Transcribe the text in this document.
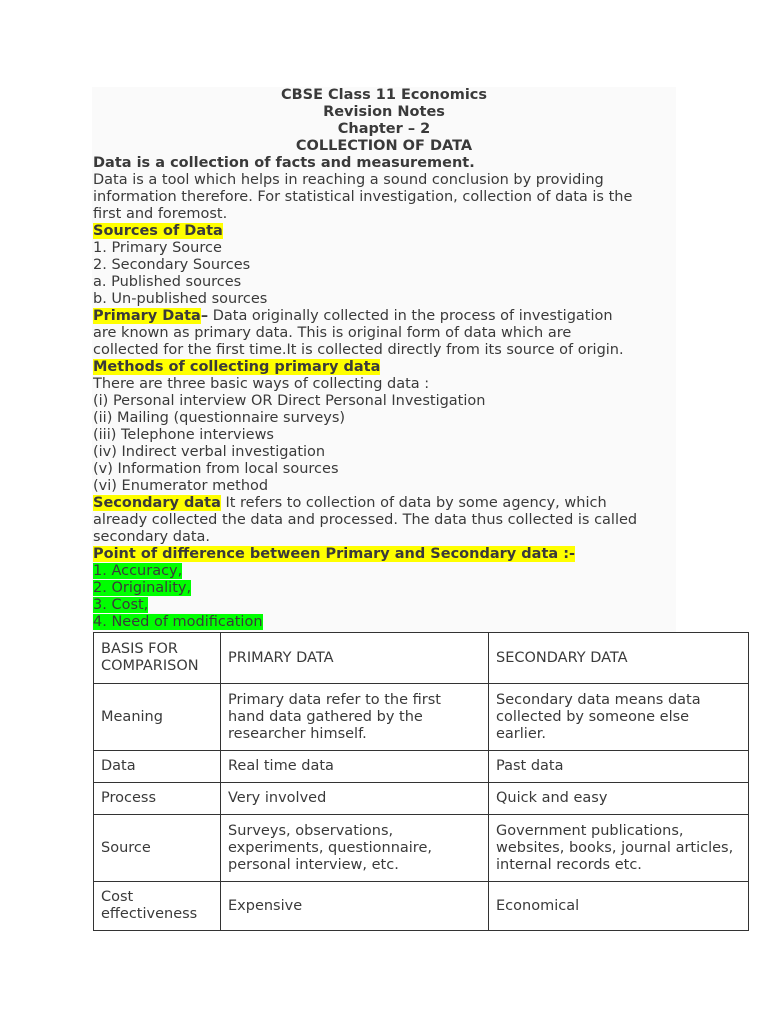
CBSE Class 11 Economics
Revision Notes
Chapter – 2
COLLECTION OF DATA
Data is a collection of facts and measurement.
Data is a tool which helps in reaching a sound conclusion by providing
information therefore. For statistical investigation, collection of data is the
first and foremost.
Sources of Data
1. Primary Source
2. Secondary Sources
a. Published sources
b. Un-published sources
Primary Data– Data originally collected in the process of investigation
are known as primary data. This is original form of data which are
collected for the first time.It is collected directly from its source of origin.
Methods of collecting primary data
There are three basic ways of collecting data :
(i) Personal interview OR Direct Personal Investigation
(ii) Mailing (questionnaire surveys)
(iii) Telephone interviews
(iv) Indirect verbal investigation
(v) Information from local sources
(vi) Enumerator method
Secondary data It refers to collection of data by some agency, which
already collected the data and processed. The data thus collected is called
secondary data.
Point of difference between Primary and Secondary data :-
1. Accuracy,
2. Originality,
3. Cost,
4. Need of modification
BASIS FOR COMPARISON	PRIMARY DATA	SECONDARY DATA
Meaning	Primary data refer to the first hand data gathered by the researcher himself.	Secondary data means data collected by someone else earlier.
Data	Real time data	Past data
Process	Very involved	Quick and easy
Source	Surveys, observations, experiments, questionnaire, personal interview, etc.	Government publications, websites, books, journal articles, internal records etc.
Cost effectiveness	Expensive	Economical
